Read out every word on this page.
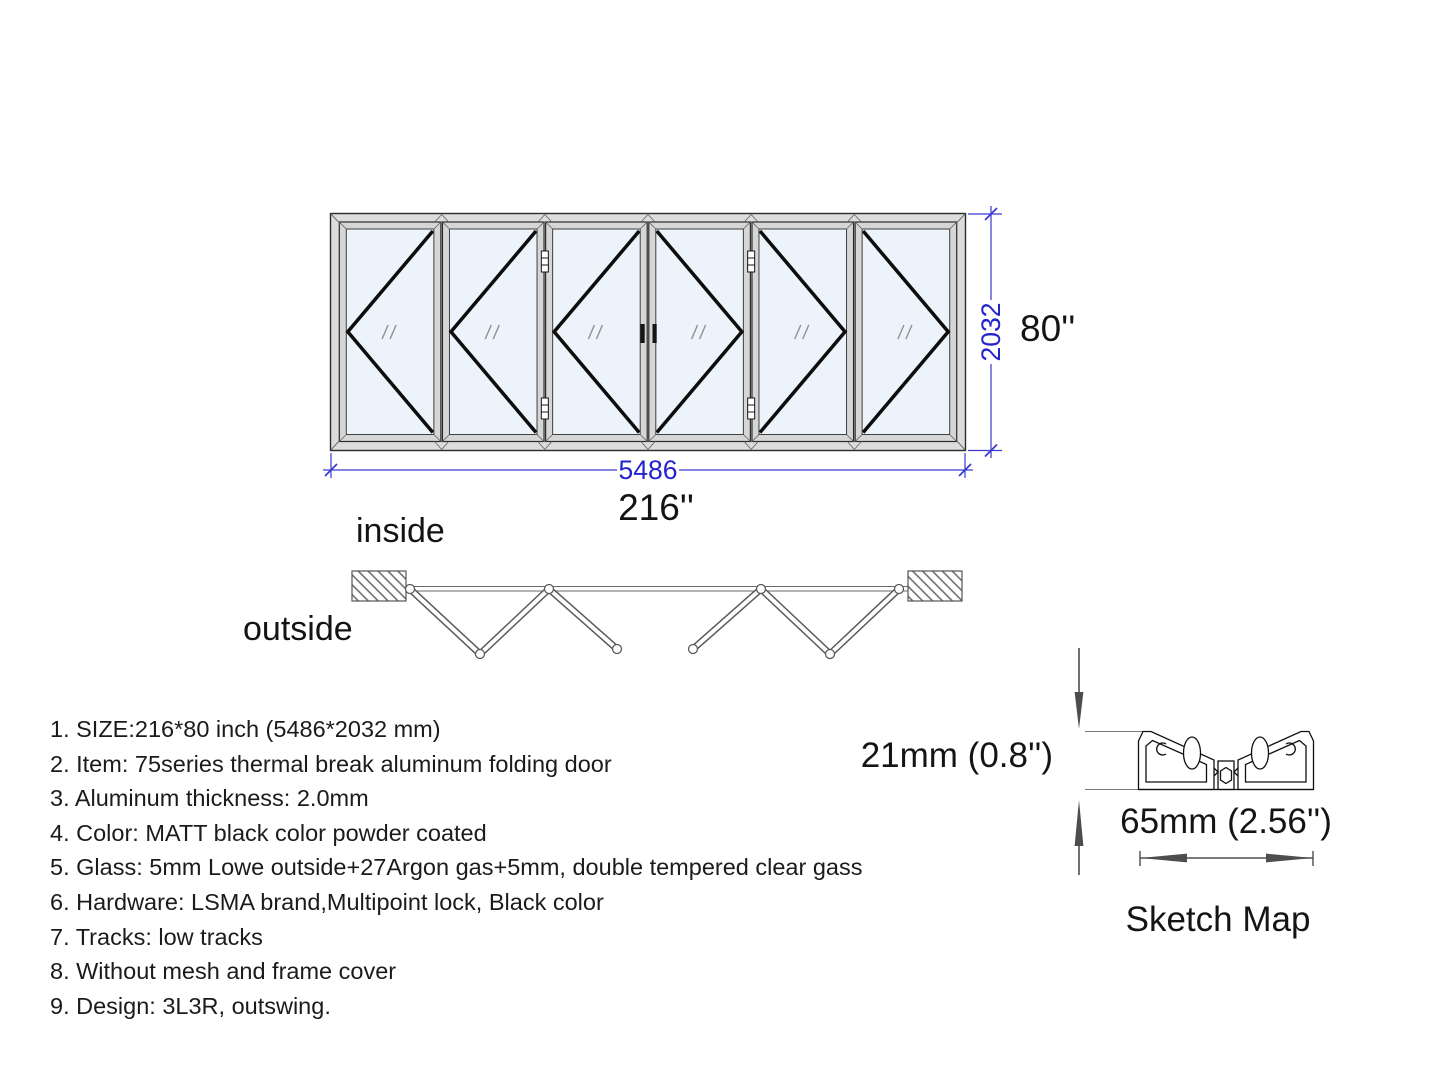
5486
2032 80''
216''
inside
outside
21mm (0.8'')
65mm (2.56'')
Sketch Map
1. SIZE:216*80 inch (5486*2032 mm)
2. Item: 75series thermal break aluminum folding door
3. Aluminum thickness: 2.0mm
4. Color: MATT black color powder coated
5. Glass: 5mm Lowe outside+27Argon gas+5mm, double tempered clear gass
6. Hardware: LSMA brand,Multipoint lock, Black color
7. Tracks: low tracks
8. Without mesh and frame cover
9. Design: 3L3R, outswing.
